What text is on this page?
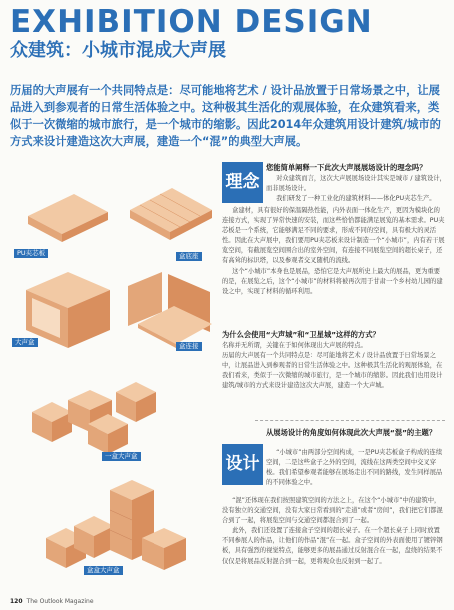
EXHIBITION DESIGN
众建筑：小城市混成大声展
历届的大声展有一个共同特点是：尽可能地将艺术 / 设计品放置于日常场景之中，让展品进入到参观者的日常生活体验之中。这种极其生活化的观展体验，在众建筑看来，类似于一次微缩的城市旅行，是一个城市的缩影。因此2014年众建筑用设计建筑/城市的方式来设计建造这次大声展，建造一个“混”的典型大声展。
PU夹芯板	盒底座
大声盒	盒连接
一盒大声盒
盒盒大声盒
理念
您能简单阐释一下此次大声展展场设计的理念吗？

对众建筑而言，这次大声展展场设计其实是城市 / 建筑设计，而非展场设计。

我们研发了一种工业化的建筑材料——体化PU夹芯生产。

盒建材，具有很好的保温隔热性能，内外表面一体化生产，更因为模块化的连接方式，实现了异常快速的安装，而这些恰恰都能满足展览的基本需求。PU夹芯板是一个系统，它能够满足不同的要求，形成不同的空间，具有极大的灵活性。因此在大声展中，我们要用PU夹芯板来设计制造一个“小城市”，内有若干展览空间，有截展览空间围合出的室外空间，有连接不同展览空间的超长桌子，还有高耸的标识塔，以及参观者交叉随机的流线。

这个“小城市”本身也是展品，恐怕它是大声展所史上最大的展品，更为重要的是，在展览之后，这个“小城市”的材料将被再次用于甘肃一个乡村幼儿园的建设之中，实现了材料的循环利用。

为什么会使用“大声城”和“卫星城”这样的方式？

名称并无所谓，关键在于如何体现出大声展的特点。

历届的大声展有一个共同特点是：尽可能地将艺术 / 设计品放置于日常场景之中，让展品进入到参观者的日常生活体验之中。这种极其生活化的观展体验，在我们看来，类似于一次微缩的城市旅行，是一个城市的缩影。因此我们也用设计建筑/城市的方式来设计建造这次大声展，建造一个大声城。

设计
从展场设计的角度如何体现此次大声展“混”的主题？

“小城市”由两部分空间构成，一是PU夹芯板盒子构成的连续空间，二是这些盒子之外的空间，流线在这两类空间中交叉穿梭。我们希望参观者能够在展场走出不同的路线，发生同样展品的不同体验之中。

“混”还体现在我们按照建筑空间的方法之上，在这个“小城市”中的建筑中，没有独立的交通空间，没有大家日常看到的“走道”或者“房间”，我们把它们都混合到了一起，将展览空间与交通空间都混合到了一起。

此外，我们还设置了连接盒子空间的超长桌子。在一个超长桌子上同时放置不同参展人的作品，让他们的作品“混”在一起。盒子空间的外表面使用了镀锌钢板，具有强烈的视觉特点，能够更多的展品通过反射混合在一起，盘绕的结果不仅仅是将展品反射混合到一起，更将观众也反射到一起了。

120 The Outlook Magazine
